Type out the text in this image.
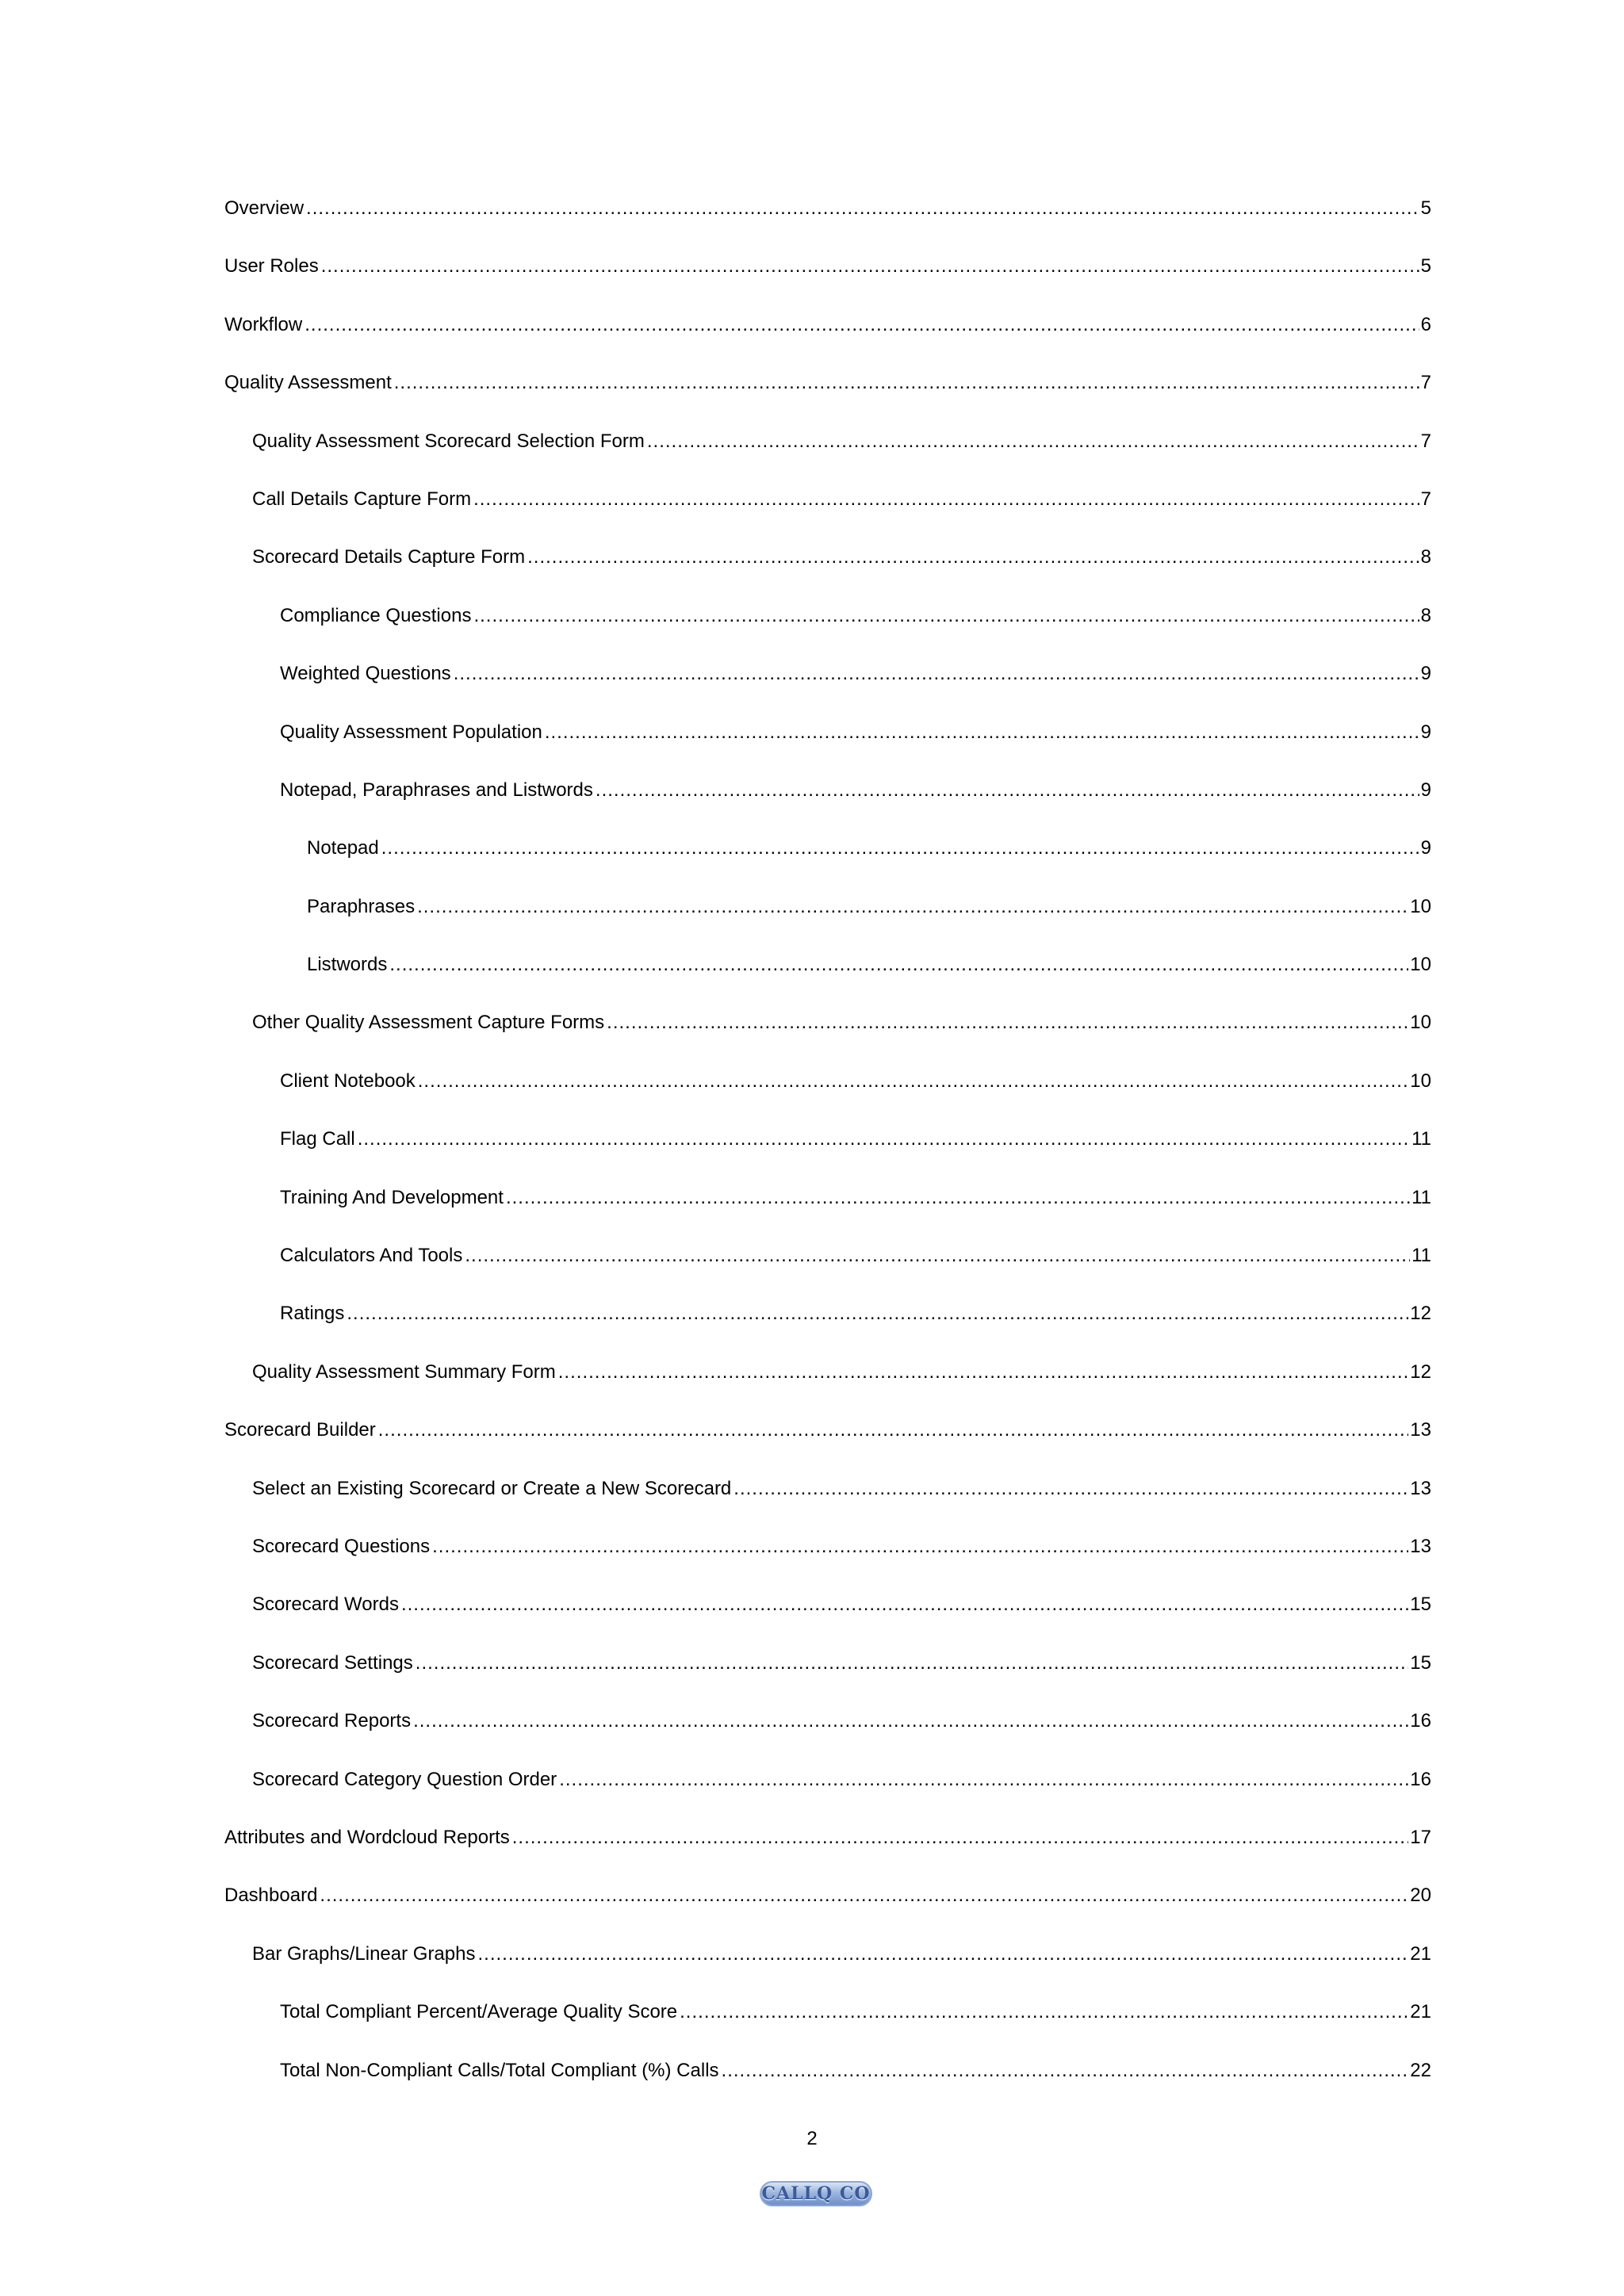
Overview .....	5
User Roles .....	5
Workflow .....	6
Quality Assessment .....	7
Quality Assessment Scorecard Selection Form .....	7
Call Details Capture Form .....	7
Scorecard Details Capture Form .....	8
Compliance Questions .....	8
Weighted Questions .....	9
Quality Assessment Population .....	9
Notepad, Paraphrases and Listwords .....	9
Notepad .....	9
Paraphrases .....	10
Listwords .....	10
Other Quality Assessment Capture Forms .....	10
Client Notebook .....	10
Flag Call .....	11
Training And Development .....	11
Calculators And Tools .....	11
Ratings .....	12
Quality Assessment Summary Form .....	12
Scorecard Builder .....	13
Select an Existing Scorecard or Create a New Scorecard .....	13
Scorecard Questions .....	13
Scorecard Words .....	15
Scorecard Settings .....	15
Scorecard Reports .....	16
Scorecard Category Question Order .....	16
Attributes and Wordcloud Reports .....	17
Dashboard .....	20
Bar Graphs/Linear Graphs .....	21
Total Compliant Percent/Average Quality Score .....	21
Total Non-Compliant Calls/Total Compliant (%) Calls .....	22
2
CALLQ CO
